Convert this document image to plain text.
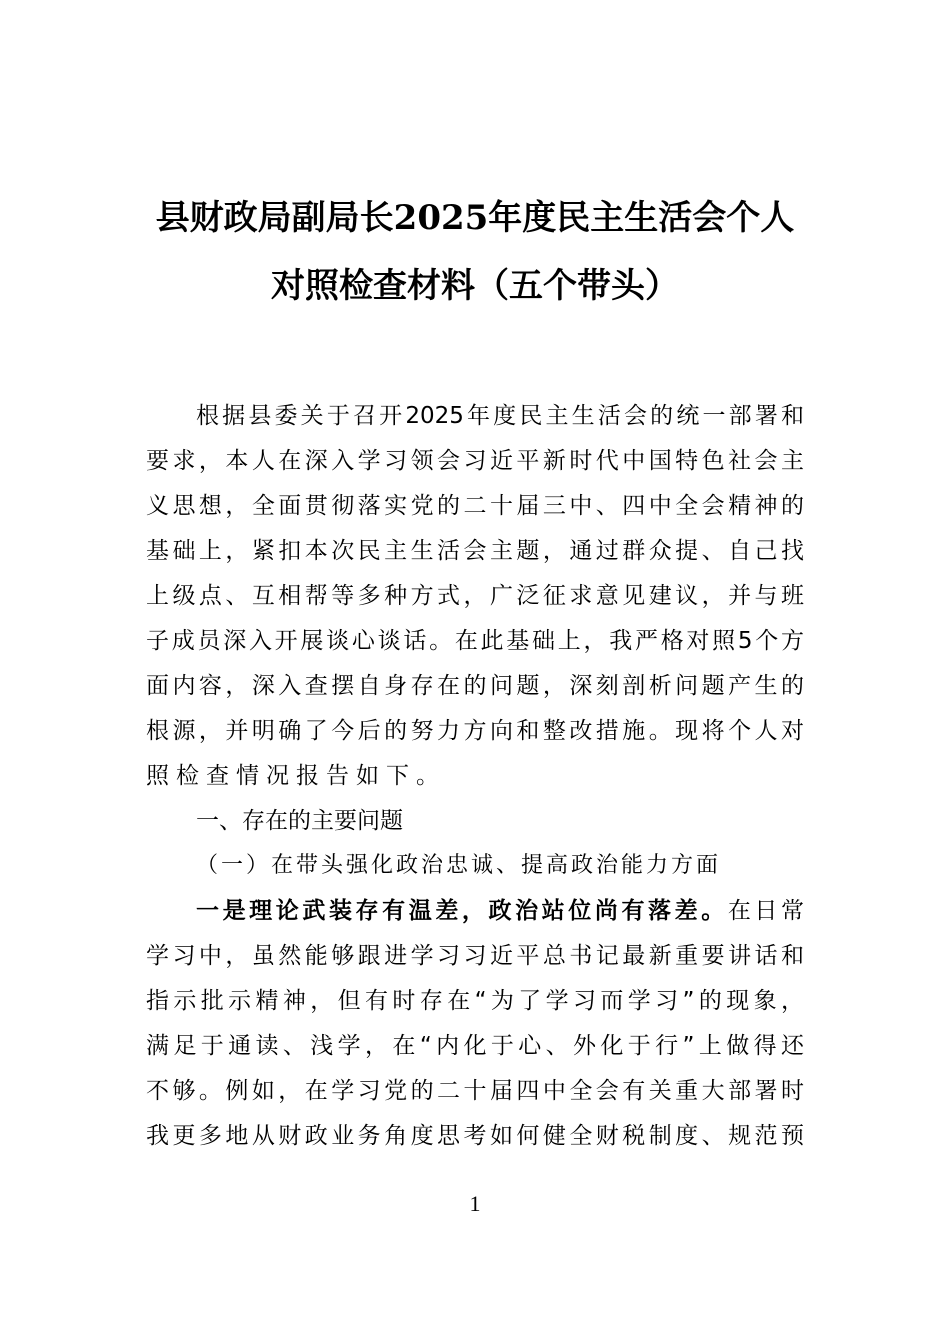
县财政局副局长2025年度民主生活会个人
对照检查材料（五个带头）
根据县委关于召开2025年度民主生活会的统一部署和
要求，本人在深入学习领会习近平新时代中国特色社会主
义思想，全面贯彻落实党的二十届三中、四中全会精神的
基础上，紧扣本次民主生活会主题，通过群众提、自己找
上级点、互相帮等多种方式，广泛征求意见建议，并与班
子成员深入开展谈心谈话。在此基础上，我严格对照5个方
面内容，深入查摆自身存在的问题，深刻剖析问题产生的
根源，并明确了今后的努力方向和整改措施。现将个人对
照检查情况报告如下。
一、存在的主要问题
（一）在带头强化政治忠诚、提高政治能力方面
一是理论武装存有温差，政治站位尚有落差。在日常
学习中，虽然能够跟进学习习近平总书记最新重要讲话和
指示批示精神，但有时存在“为了学习而学习”的现象，
满足于通读、浅学，在“内化于心、外化于行”上做得还
不够。例如，在学习党的二十届四中全会有关重大部署时
我更多地从财政业务角度思考如何健全财税制度、规范预
1
